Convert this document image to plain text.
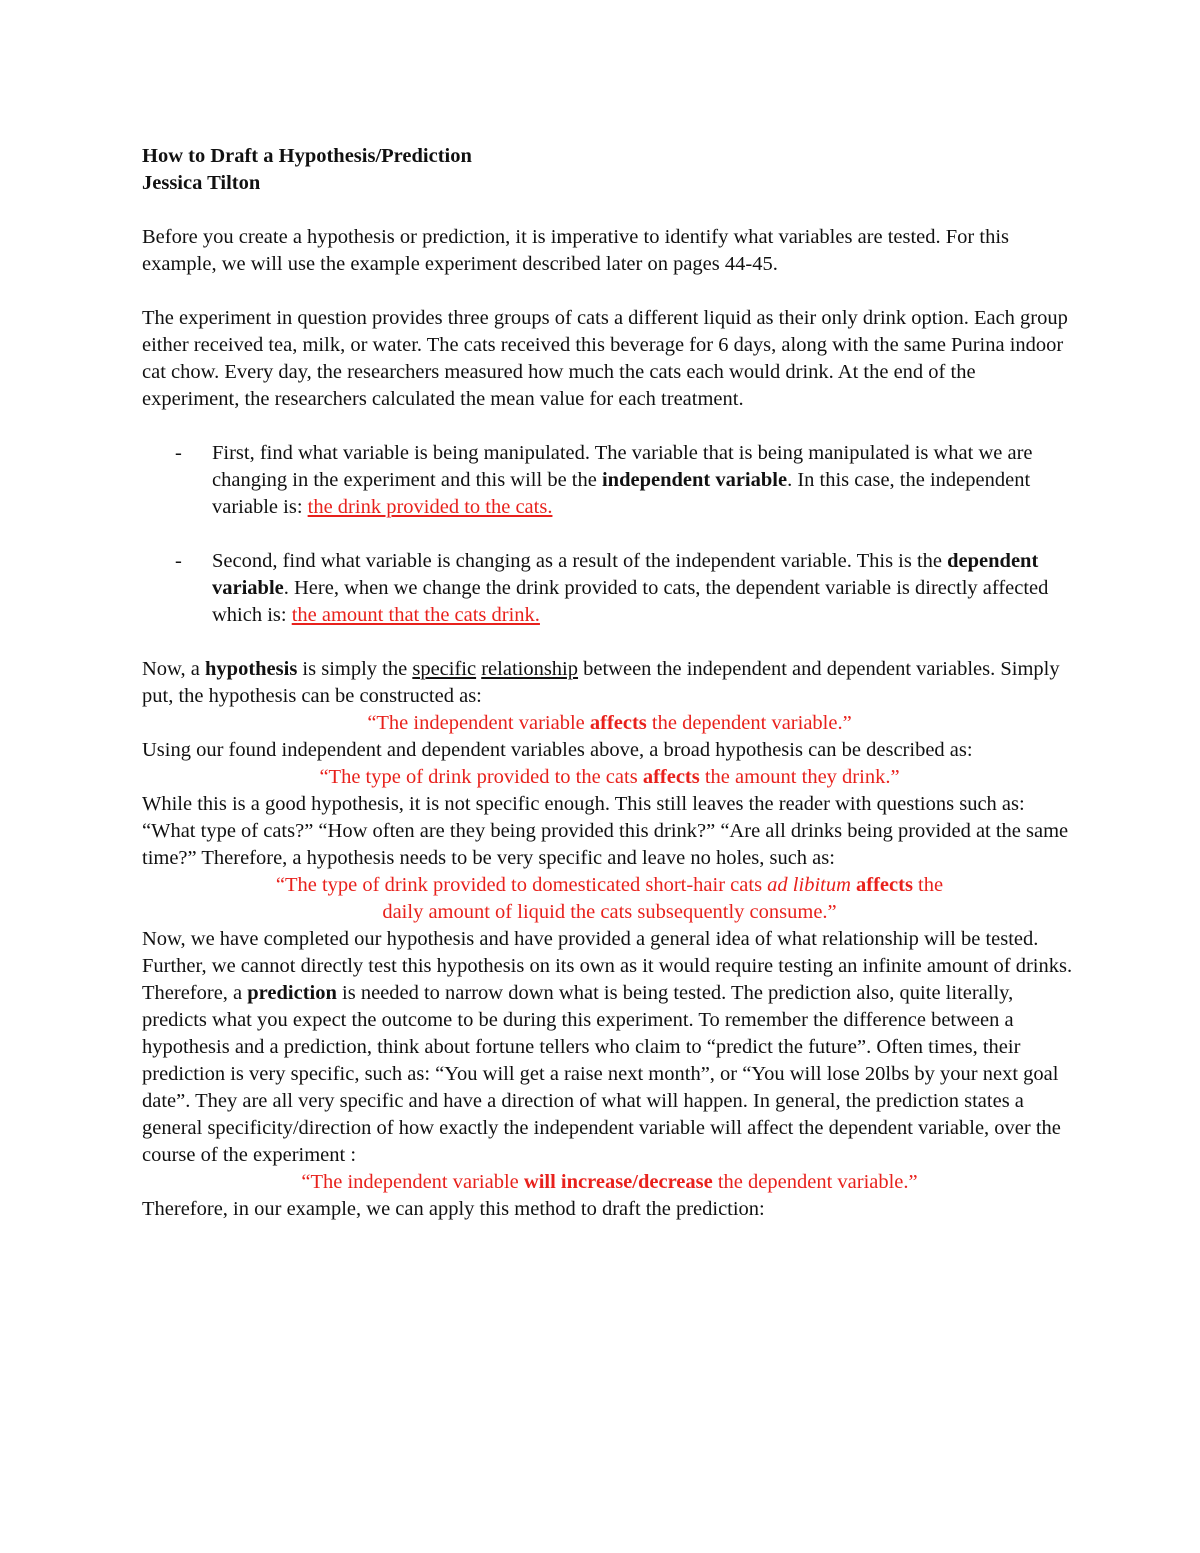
How to Draft a Hypothesis/Prediction
Jessica Tilton

Before you create a hypothesis or prediction, it is imperative to identify what variables are tested. For this example, we will use the example experiment described later on pages 44-45.

The experiment in question provides three groups of cats a different liquid as their only drink option. Each group either received tea, milk, or water. The cats received this beverage for 6 days, along with the same Purina indoor cat chow. Every day, the researchers measured how much the cats each would drink. At the end of the experiment, the researchers calculated the mean value for each treatment.

- First, find what variable is being manipulated. The variable that is being manipulated is what we are changing in the experiment and this will be the independent variable. In this case, the independent variable is: the drink provided to the cats.
- Second, find what variable is changing as a result of the independent variable. This is the dependent variable. Here, when we change the drink provided to cats, the dependent variable is directly affected which is: the amount that the cats drink.

Now, a hypothesis is simply the specific relationship between the independent and dependent variables. Simply put, the hypothesis can be constructed as:

“The independent variable affects the dependent variable.”

Using our found independent and dependent variables above, a broad hypothesis can be described as:

“The type of drink provided to the cats affects the amount they drink.”

While this is a good hypothesis, it is not specific enough. This still leaves the reader with questions such as: “What type of cats?” “How often are they being provided this drink?” “Are all drinks being provided at the same time?” Therefore, a hypothesis needs to be very specific and leave no holes, such as:

“The type of drink provided to domesticated short-hair cats ad libitum affects the
daily amount of liquid the cats subsequently consume.”

Now, we have completed our hypothesis and have provided a general idea of what relationship will be tested. Further, we cannot directly test this hypothesis on its own as it would require testing an infinite amount of drinks. Therefore, a prediction is needed to narrow down what is being tested. The prediction also, quite literally, predicts what you expect the outcome to be during this experiment. To remember the difference between a hypothesis and a prediction, think about fortune tellers who claim to “predict the future”. Often times, their prediction is very specific, such as: “You will get a raise next month”, or “You will lose 20lbs by your next goal date”. They are all very specific and have a direction of what will happen. In general, the prediction states a general specificity/direction of how exactly the independent variable will affect the dependent variable, over the course of the experiment :

“The independent variable will increase/decrease the dependent variable.”

Therefore, in our example, we can apply this method to draft the prediction:
